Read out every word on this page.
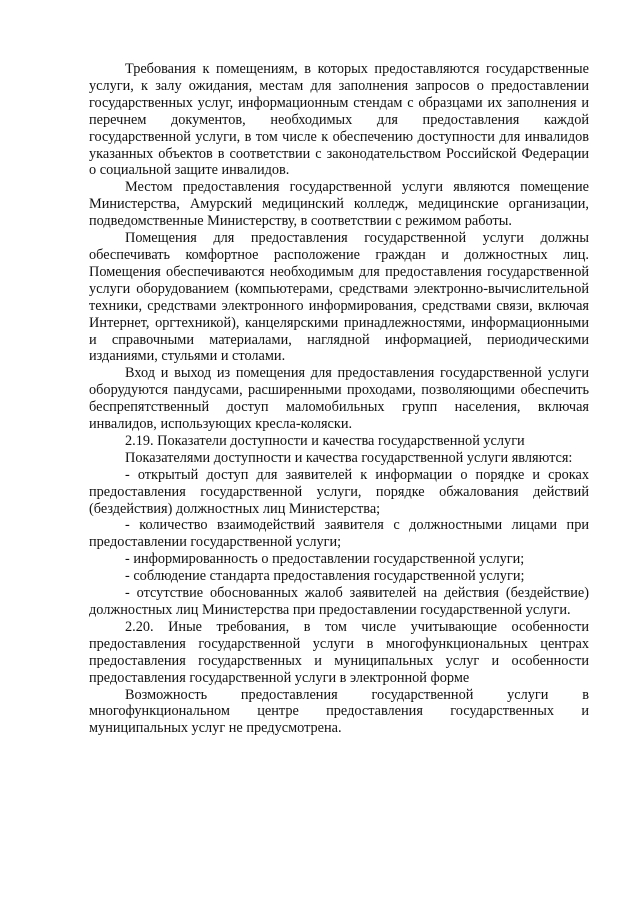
Требования к помещениям, в которых предоставляются государственные услуги, к залу ожидания, местам для заполнения запросов о предоставлении государственных услуг, информационным стендам с образцами их заполнения и перечнем документов, необходимых для предоставления каждой государственной услуги, в том числе к обеспечению доступности для инвалидов указанных объектов в соответствии с законодательством Российской Федерации о социальной защите инвалидов.

Местом предоставления государственной услуги являются помещение Министерства, Амурский медицинский колледж, медицинские организации, подведомственные Министерству, в соответствии с режимом работы.

Помещения для предоставления государственной услуги должны обеспечивать комфортное расположение граждан и должностных лиц. Помещения обеспечиваются необходимым для предоставления государственной услуги оборудованием (компьютерами, средствами электронно-вычислительной техники, средствами электронного информирования, средствами связи, включая Интернет, оргтехникой), канцелярскими принадлежностями, информационными и справочными материалами, наглядной информацией, периодическими изданиями, стульями и столами.

Вход и выход из помещения для предоставления государственной услуги оборудуются пандусами, расширенными проходами, позволяющими обеспечить беспрепятственный доступ маломобильных групп населения, включая инвалидов, использующих кресла-коляски.

2.19. Показатели доступности и качества государственной услуги

Показателями доступности и качества государственной услуги являются:

- открытый доступ для заявителей к информации о порядке и сроках предоставления государственной услуги, порядке обжалования действий (бездействия) должностных лиц Министерства;

- количество взаимодействий заявителя с должностными лицами при предоставлении государственной услуги;

- информированность о предоставлении государственной услуги;

- соблюдение стандарта предоставления государственной услуги;

- отсутствие обоснованных жалоб заявителей на действия (бездействие) должностных лиц Министерства при предоставлении государственной услуги.

2.20. Иные требования, в том числе учитывающие особенности предоставления государственной услуги в многофункциональных центрах предоставления государственных и муниципальных услуг и особенности предоставления государственной услуги в электронной форме

Возможность предоставления государственной услуги в многофункциональном центре предоставления государственных и муниципальных услуг не предусмотрена.
